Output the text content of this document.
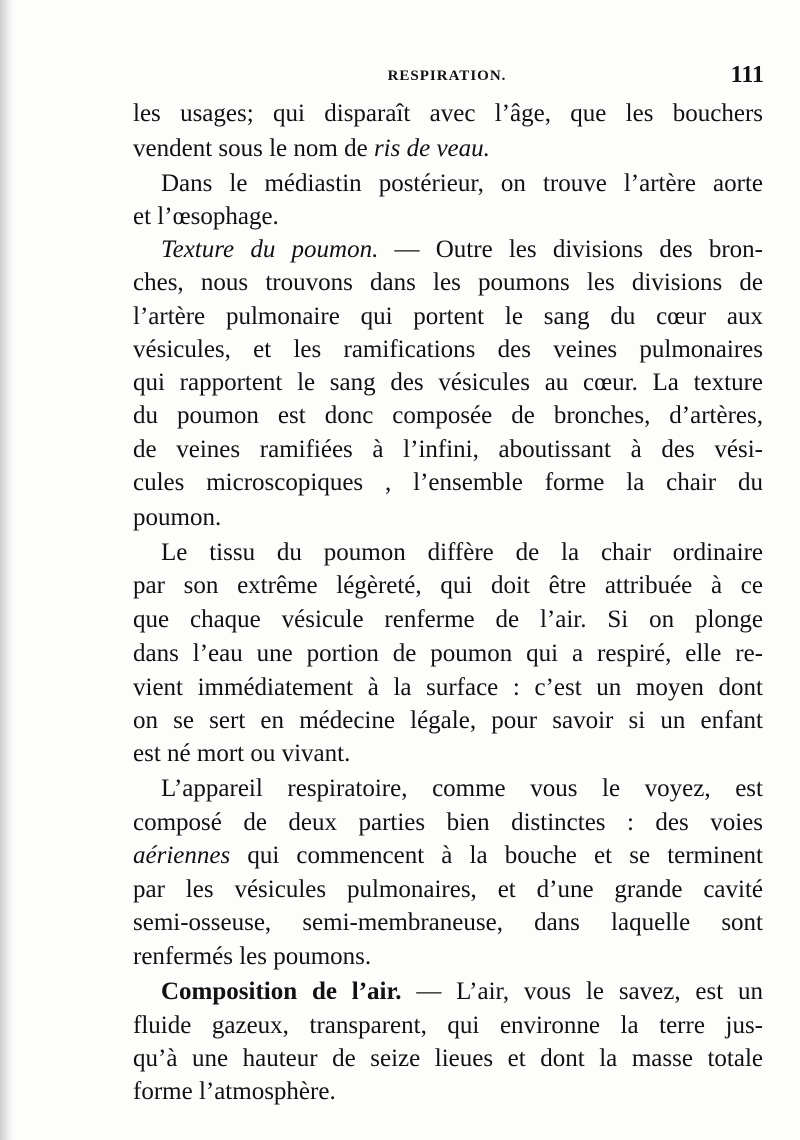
RESPIRATION.	111
les usages; qui disparaît avec l’âge, que les bouchers
vendent sous le nom de ris de veau.
Dans le médiastin postérieur, on trouve l’artère aorte
et l’œsophage.
Texture du poumon. — Outre les divisions des bron-
ches, nous trouvons dans les poumons les divisions de
l’artère pulmonaire qui portent le sang du cœur aux
vésicules, et les ramifications des veines pulmonaires
qui rapportent le sang des vésicules au cœur. La texture
du poumon est donc composée de bronches, d’artères,
de veines ramifiées à l’infini, aboutissant à des vési-
cules microscopiques , l’ensemble forme la chair du
poumon.
Le tissu du poumon diffère de la chair ordinaire
par son extrême légèreté, qui doit être attribuée à ce
que chaque vésicule renferme de l’air. Si on plonge
dans l’eau une portion de poumon qui a respiré, elle re-
vient immédiatement à la surface : c’est un moyen dont
on se sert en médecine légale, pour savoir si un enfant
est né mort ou vivant.
L’appareil respiratoire, comme vous le voyez, est
composé de deux parties bien distinctes : des voies
aériennes qui commencent à la bouche et se terminent
par les vésicules pulmonaires, et d’une grande cavité
semi-osseuse, semi-membraneuse, dans laquelle sont
renfermés les poumons.
Composition de l’air. — L’air, vous le savez, est un
fluide gazeux, transparent, qui environne la terre jus-
qu’à une hauteur de seize lieues et dont la masse totale
forme l’atmosphère.
